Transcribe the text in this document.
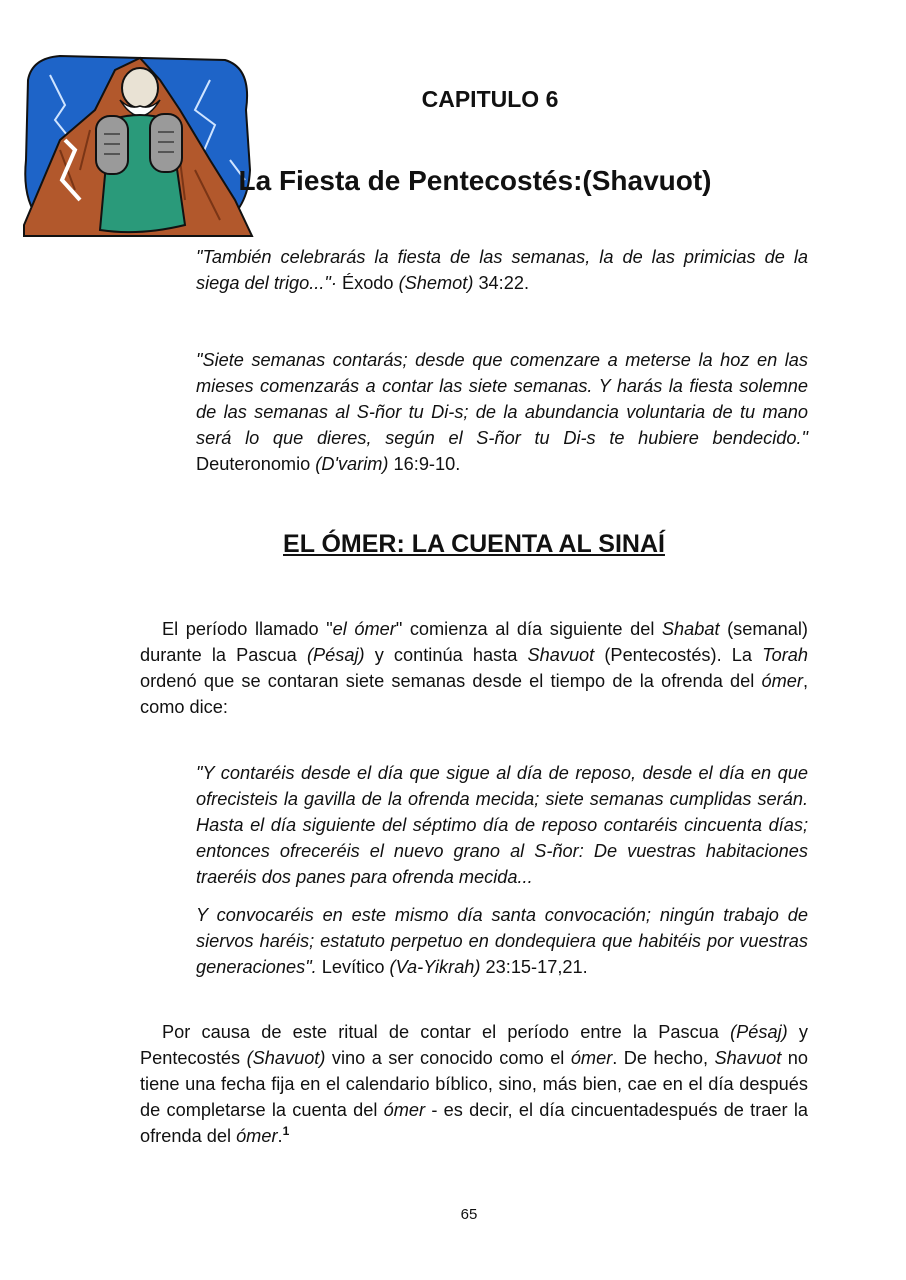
CAPITULO 6
La Fiesta de Pentecostés:(Shavuot)
"También celebrarás la fiesta de las semanas, la de las primicias de la siega del trigo..."· Éxodo (Shemot) 34:22.
"Siete semanas contarás; desde que comenzare a meterse la hoz en las mieses comenzarás a contar las siete semanas. Y harás la fiesta solemne de las semanas al S-ñor tu Di-s; de la abundancia voluntaria de tu mano será lo que dieres, según el S-ñor tu Di-s te hubiere bendecido." Deuteronomio (D'varim) 16:9-10.
EL ÓMER: LA CUENTA AL SINAÍ
El período llamado "el ómer" comienza al día siguiente del Shabat (semanal) durante la Pascua (Pésaj) y continúa hasta Shavuot (Pentecostés). La Torah ordenó que se contaran siete semanas desde el tiempo de la ofrenda del ómer, como dice:
"Y contaréis desde el día que sigue al día de reposo, desde el día en que ofrecisteis la gavilla de la ofrenda mecida; siete semanas cumplidas serán. Hasta el día siguiente del séptimo día de reposo contaréis cincuenta días; entonces ofreceréis el nuevo grano al S-ñor: De vuestras habitaciones traeréis dos panes para ofrenda mecida...
Y convocaréis en este mismo día santa convocación; ningún trabajo de siervos haréis; estatuto perpetuo en dondequiera que habitéis por vuestras generaciones". Levítico (Va-Yikrah) 23:15-17,21.
Por causa de este ritual de contar el período entre la Pascua (Pésaj) y Pentecostés (Shavuot) vino a ser conocido como el ómer. De hecho, Shavuot no tiene una fecha fija en el calendario bíblico, sino, más bien, cae en el día después de completarse la cuenta del ómer - es decir, el día cincuentadespués de traer la ofrenda del ómer.$^1$
65
